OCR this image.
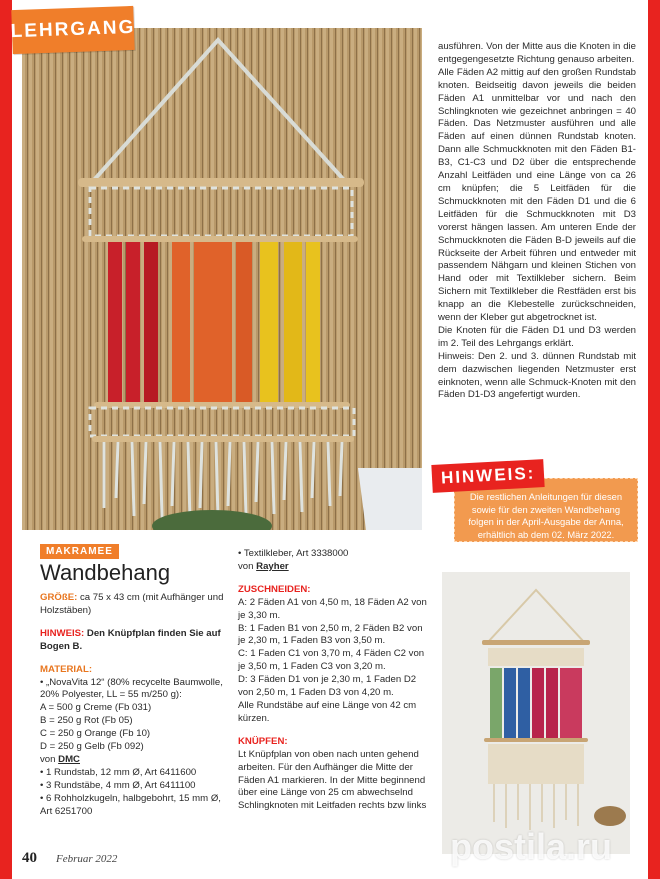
LEHRGANG

ausführen. Von der Mitte aus die Knoten in die entgegengesetzte Richtung genauso arbeiten.

Alle Fäden A2 mittig auf den großen Rundstab knoten. Beidseitig davon jeweils die beiden Fäden A1 unmittelbar vor und nach den Schlingknoten wie gezeichnet anbringen = 40 Fäden. Das Netzmuster ausführen und alle Fäden auf einen dünnen Rundstab knoten. Dann alle Schmuckknoten mit den Fäden B1-B3, C1-C3 und D2 über die entsprechende Anzahl Leitfäden und eine Länge von ca 26 cm knüpfen; die 5 Leitfäden für die Schmuckknoten mit den Fäden D1 und die 6 Leitfäden für die Schmuckknoten mit D3 vorerst hängen lassen. Am unteren Ende der Schmuckknoten die Fäden B-D jeweils auf die Rückseite der Arbeit führen und entweder mit passendem Nähgarn und kleinen Stichen von Hand oder mit Textilkleber sichern. Beim Sichern mit Textilkleber die Restfäden erst bis knapp an die Klebestelle zurückschneiden, wenn der Kleber gut abgetrocknet ist.

Die Knoten für die Fäden D1 und D3 werden im 2. Teil des Lehrgangs erklärt.

Hinweis: Den 2. und 3. dünnen Rundstab mit dem dazwischen liegenden Netzmuster erst einknoten, wenn alle Schmuck-Knoten mit den Fäden D1-D3 angefertigt wurden.

HINWEIS:
Die restlichen Anleitungen für diesen sowie für den zweiten Wandbehang folgen in der April-Ausgabe der Anna, erhältlich ab dem 02. März 2022.
MAKRAMEE
Wandbehang

GRÖßE: ca 75 x 43 cm (mit Aufhänger und Holzstäben)

HINWEIS: Den Knüpfplan finden Sie auf Bogen B.

MATERIAL:

• „NovaVita 12“ (80% recycelte Baumwolle, 20% Polyester, LL = 55 m/250 g):

A = 500 g Creme (Fb 031)

B = 250 g Rot (Fb 05)

C = 250 g Orange (Fb 10)

D = 250 g Gelb (Fb 092)

von DMC

• 1 Rundstab, 12 mm Ø, Art 6411600

• 3 Rundstäbe, 4 mm Ø, Art 6411100

• 6 Rohholzkugeln, halbgebohrt, 15 mm Ø, Art 6251700

• Textilkleber, Art 3338000

von Rayher

ZUSCHNEIDEN:

A: 2 Fäden A1 von 4,50 m, 18 Fäden A2 von je 3,30 m.

B: 1 Faden B1 von 2,50 m, 2 Fäden B2 von je 2,30 m, 1 Faden B3 von 3,50 m.

C: 1 Faden C1 von 3,70 m, 4 Fäden C2 von je 3,50 m, 1 Faden C3 von 3,20 m.

D: 3 Fäden D1 von je 2,30 m, 1 Faden D2 von 2,50 m, 1 Faden D3 von 4,20 m.

Alle Rundstäbe auf eine Länge von 42 cm kürzen.

KNÜPFEN:

Lt Knüpfplan von oben nach unten gehend arbeiten. Für den Aufhänger die Mitte der Fäden A1 markieren. In der Mitte beginnend über eine Länge von 25 cm abwechselnd Schlingknoten mit Leitfaden rechts bzw links

40 Februar 2022	postila.ru
